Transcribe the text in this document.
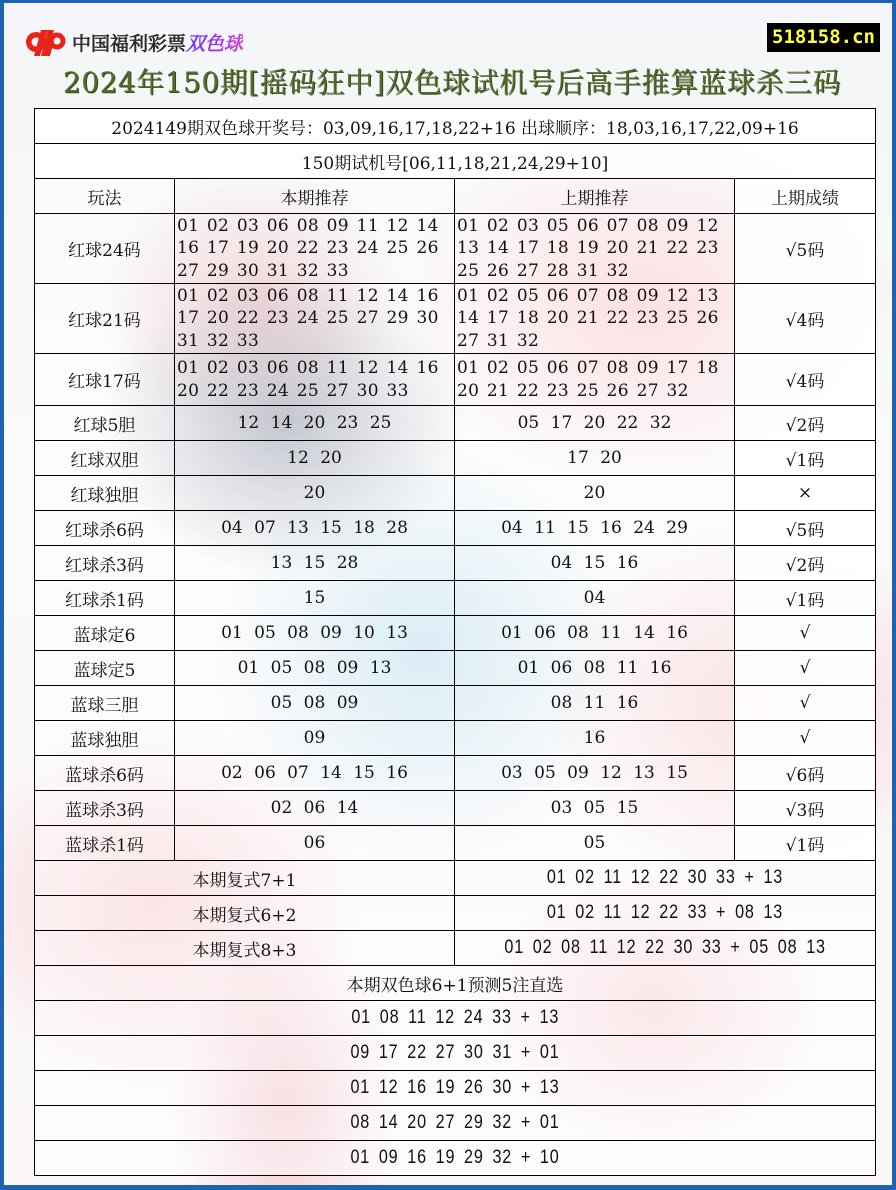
中国福利彩票 双色球	518158.cn
2024年150期[摇码狂中]双色球试机号后高手推算蓝球杀三码
2024149期双色球开奖号：03,09,16,17,18,22+16 出球顺序：18,03,16,17,22,09+16			
150期试机号[06,11,18,21,24,29+10]			
玩法	本期推荐	上期推荐	上期成绩
红球24码	01 02 03 06 08 09 11 12 14 16 17 19 20 22 23 24 25 26 27 29 30 31 32 33	01 02 03 05 06 07 08 09 12 13 14 17 18 19 20 21 22 23 25 26 27 28 31 32	√5码
红球21码	01 02 03 06 08 11 12 14 16 17 20 22 23 24 25 27 29 30 31 32 33	01 02 05 06 07 08 09 12 13 14 17 18 20 21 22 23 25 26 27 31 32	√4码
红球17码	01 02 03 06 08 11 12 14 16 20 22 23 24 25 27 30 33	01 02 05 06 07 08 09 17 18 20 21 22 23 25 26 27 32	√4码
红球5胆	12 14 20 23 25	05 17 20 22 32	√2码
红球双胆	12 20	17 20	√1码
红球独胆	20	20	×
红球杀6码	04 07 13 15 18 28	04 11 15 16 24 29	√5码
红球杀3码	13 15 28	04 15 16	√2码
红球杀1码	15	04	√1码
蓝球定6	01 05 08 09 10 13	01 06 08 11 14 16	√
蓝球定5	01 05 08 09 13	01 06 08 11 16	√
蓝球三胆	05 08 09	08 11 16	√
蓝球独胆	09	16	√
蓝球杀6码	02 06 07 14 15 16	03 05 09 12 13 15	√6码
蓝球杀3码	02 06 14	03 05 15	√3码
蓝球杀1码	06	05	√1码
本期复式7+1		01 02 11 12 22 30 33 + 13	
本期复式6+2		01 02 11 12 22 33 + 08 13	
本期复式8+3		01 02 08 11 12 22 30 33 + 05 08 13	
本期双色球6+1预测5注直选			
01 08 11 12 24 33 + 13			
09 17 22 27 30 31 + 01			
01 12 16 19 26 30 + 13			
08 14 20 27 29 32 + 01			
01 09 16 19 29 32 + 10			
